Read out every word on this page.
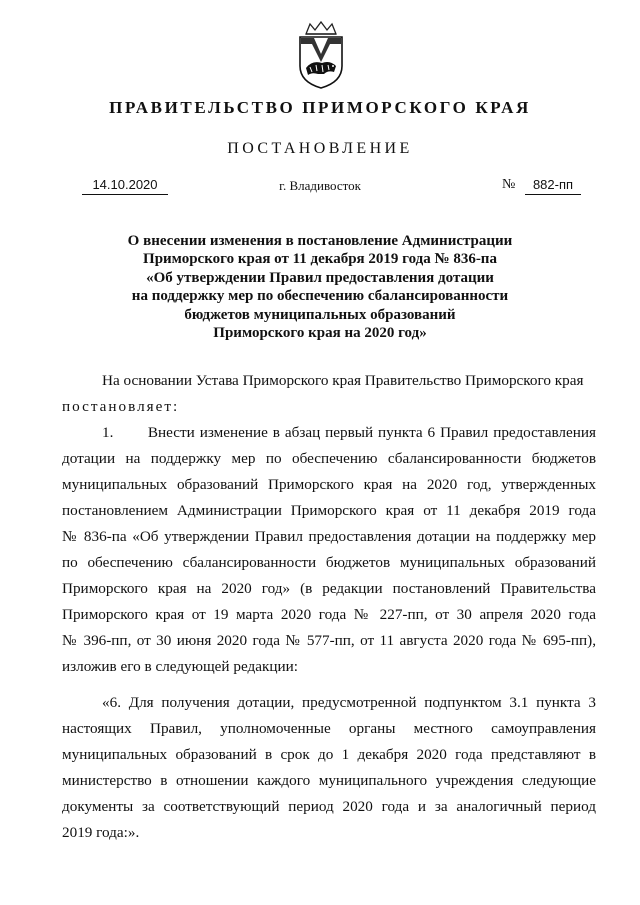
ПРАВИТЕЛЬСТВО ПРИМОРСКОГО КРАЯ
ПОСТАНОВЛЕНИЕ
14.10.2020	г. Владивосток	№	882-пп
О внесении изменения в постановление Администрации
Приморского края от 11 декабря 2019 года № 836-па
«Об утверждении Правил предоставления дотации
на поддержку мер по обеспечению сбалансированности
бюджетов муниципальных образований
Приморского края на 2020 год»
На основании Устава Приморского края Правительство Приморского края
постановляет:
1.       Внести изменение в абзац первый пункта 6 Правил предоставления
дотации на поддержку мер по обеспечению сбалансированности бюджетов
муниципальных образований Приморского края на 2020 год, утвержденных
постановлением Администрации Приморского края от 11 декабря 2019 года
№ 836-па «Об утверждении Правил предоставления дотации на поддержку мер
по обеспечению сбалансированности бюджетов муниципальных образований
Приморского края на 2020 год» (в редакции постановлений Правительства
Приморского края от 19 марта 2020 года № 227-пп, от 30 апреля 2020 года
№ 396-пп, от 30 июня 2020 года № 577-пп, от 11 августа 2020 года № 695-пп),
изложив его в следующей редакции:
«6. Для получения дотации, предусмотренной подпунктом 3.1 пункта 3
настоящих Правил, уполномоченные органы местного самоуправления
муниципальных образований в срок до 1 декабря 2020 года представляют в
министерство в отношении каждого муниципального учреждения следующие
документы за соответствующий период 2020 года и за аналогичный период
2019 года:».
